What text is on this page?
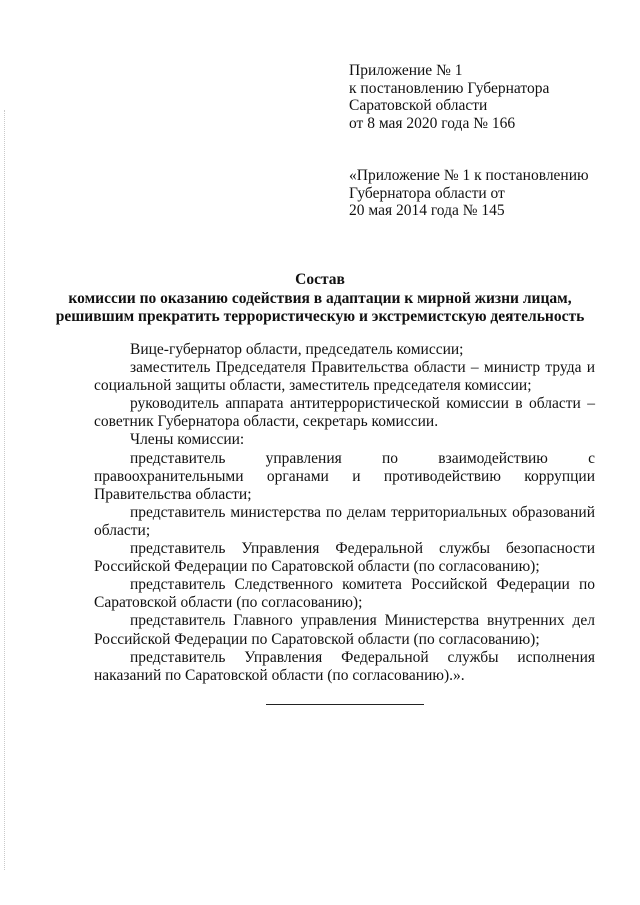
Приложение № 1
к постановлению Губернатора
Саратовской области
от 8 мая 2020 года № 166
«Приложение № 1 к постановлению
Губернатора области от
20 мая 2014 года № 145
Состав
комиссии по оказанию содействия в адаптации к мирной жизни лицам,
решившим прекратить террористическую и экстремистскую деятельность
Вице-губернатор области, председатель комиссии;
заместитель Председателя Правительства области – министр труда и социальной защиты области, заместитель председателя комиссии;
руководитель аппарата антитеррористической комиссии в области – советник Губернатора области, секретарь комиссии.
Члены комиссии:
представитель управления по взаимодействию с правоохранительными органами и противодействию коррупции Правительства области;
представитель министерства по делам территориальных образований области;
представитель Управления Федеральной службы безопасности Российской Федерации по Саратовской области (по согласованию);
представитель Следственного комитета Российской Федерации по Саратовской области (по согласованию);
представитель Главного управления Министерства внутренних дел Российской Федерации по Саратовской области (по согласованию);
представитель Управления Федеральной службы исполнения наказаний по Саратовской области (по согласованию).».
